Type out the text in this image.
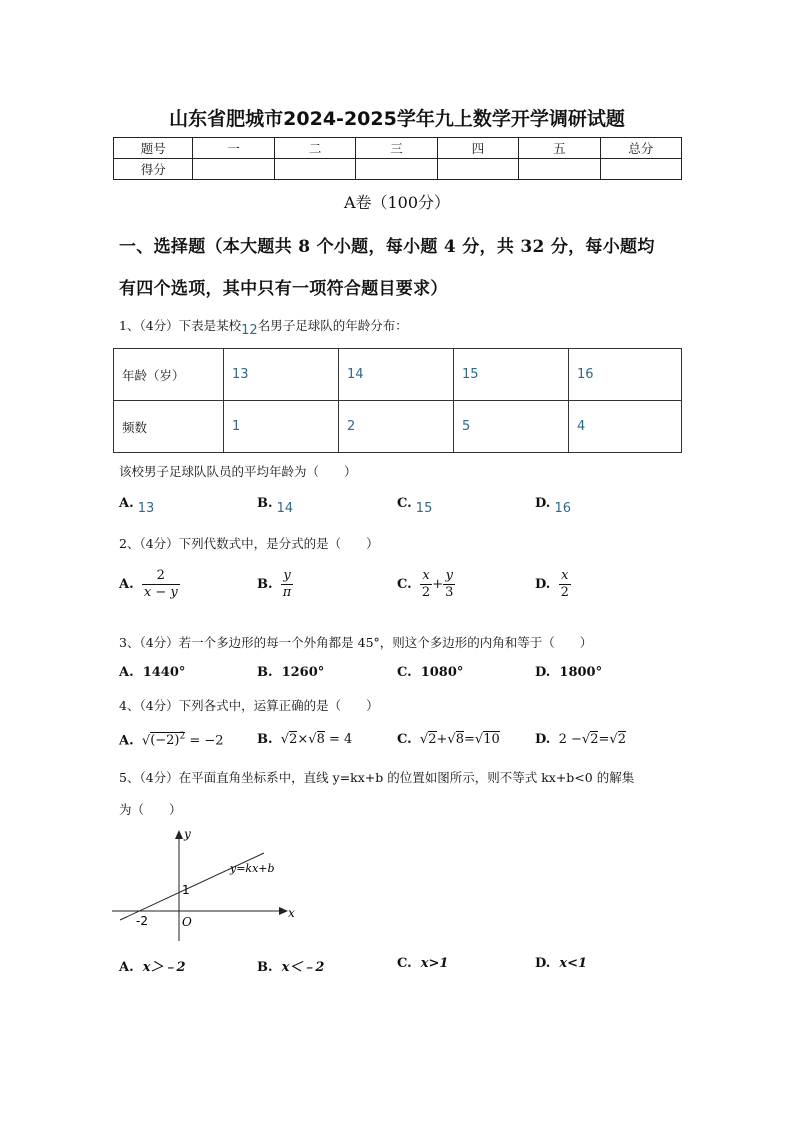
山东省肥城市2024-2025学年九上数学开学调研试题
题号	一	二	三	四	五	总分
得分						
A卷（100分）
一、选择题（本大题共 8 个小题，每小题 4 分，共 32 分，每小题均
有四个选项，其中只有一项符合题目要求）
1、（4分）下表是某校12名男子足球队的年龄分布：
年龄（岁）	13	14	15	16
频数	1	2	5	4
该校男子足球队队员的平均年龄为（　　）
A. 13	B. 14	C. 15	D. 16
2、（4分）下列代数式中，是分式的是（　　）
A. $\frac{2}{x - y}$	B. $\frac{y}{\pi}$	C. $\frac{x}{2} + \frac{y}{3}$	D. $\frac{x}{2}$
3、（4分）若一个多边形的每一个外角都是 45°，则这个多边形的内角和等于（　　）
A. 1440°	B. 1260°	C. 1080°	D. 1800°
4、（4分）下列各式中，运算正确的是（　　）
A. $√(-2)^2 = -2$	B. √2×√8 = 4	C. √2+√8=√10	D. 2 −√2=√2
5、（4分）在平面直角坐标系中，直线 y=kx+b 的位置如图所示，则不等式 kx+b<0 的解集
为（　　）
x
y
y=kx+b
O
-2
1
A. x＞﹣2	B. x＜﹣2	C. x>1	D. x<1
